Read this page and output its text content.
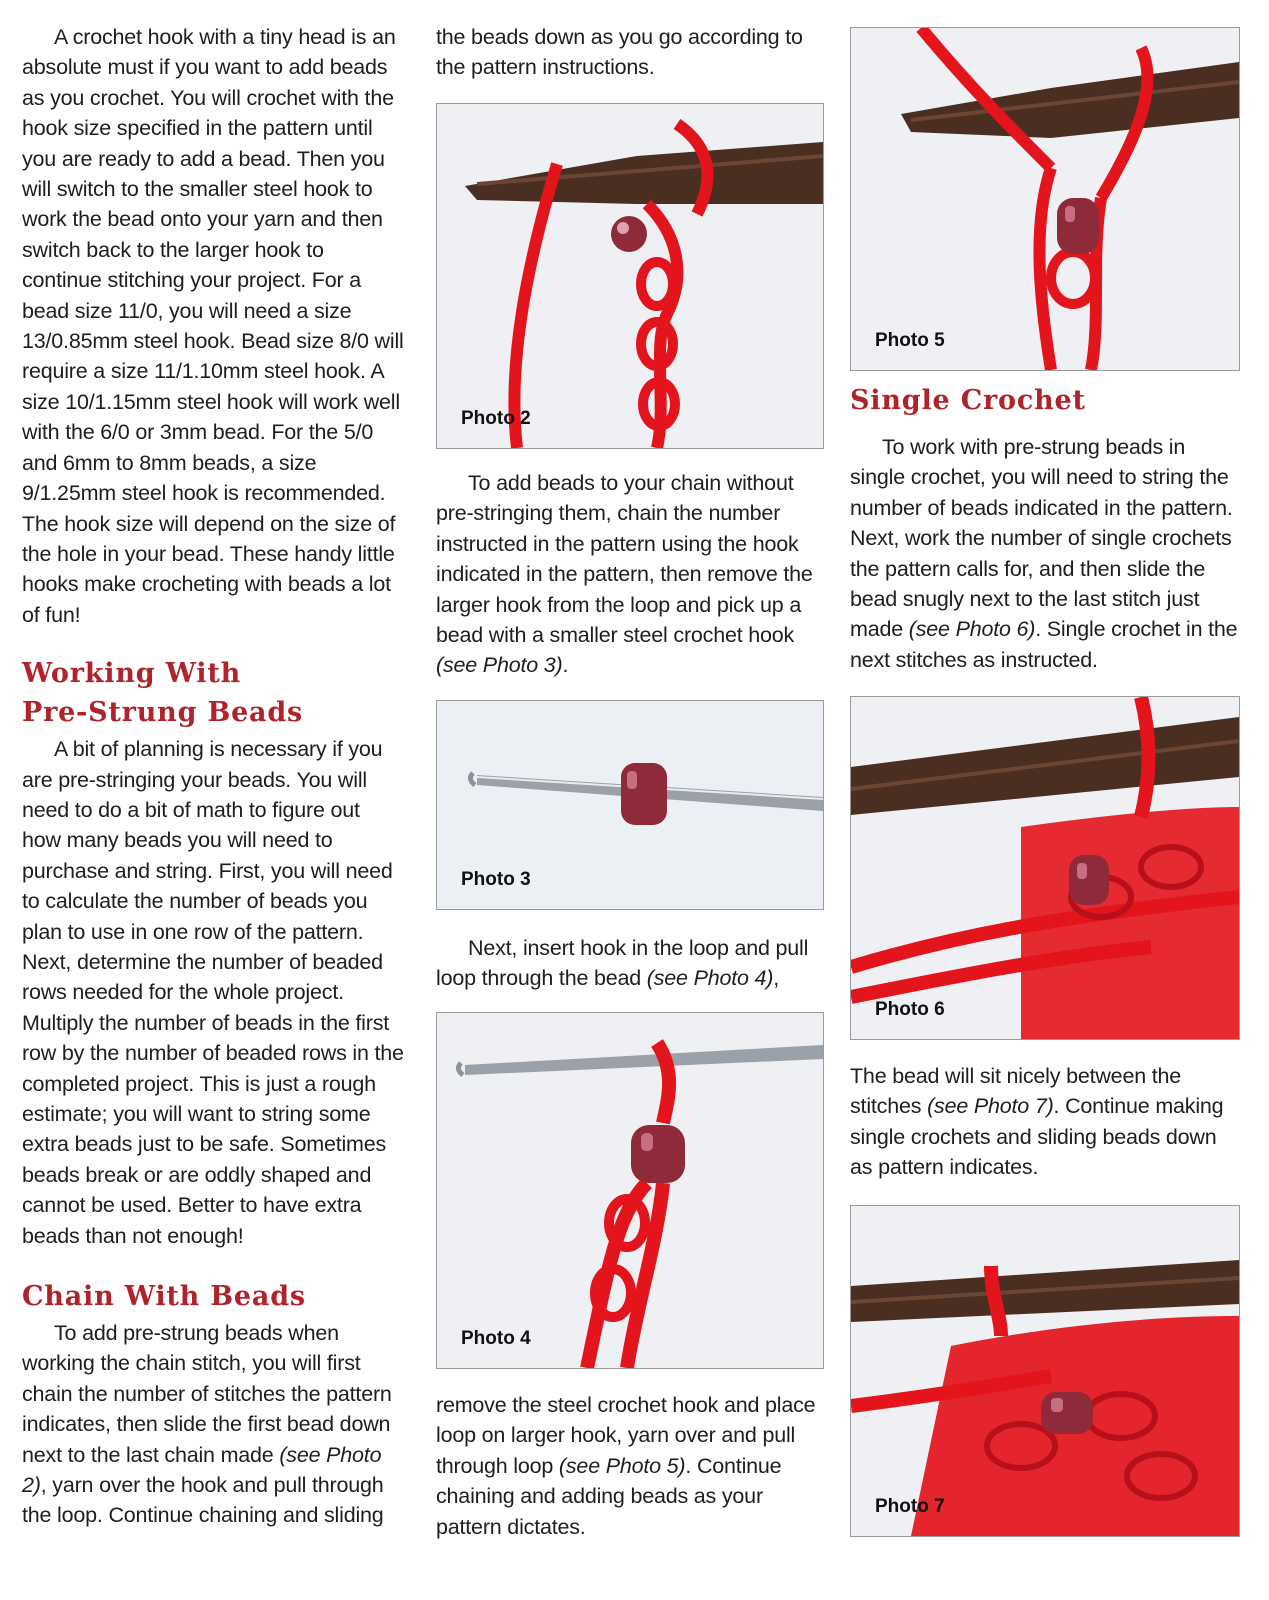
A crochet hook with a tiny head is an absolute must if you want to add beads as you crochet. You will crochet with the hook size specified in the pattern until you are ready to add a bead. Then you will switch to the smaller steel hook to work the bead onto your yarn and then switch back to the larger hook to continue stitching your project. For a bead size 11/0, you will need a size 13/0.85mm steel hook. Bead size 8/0 will require a size 11/1.10mm steel hook. A size 10/1.15mm steel hook will work well with the 6/0 or 3mm bead. For the 5/0 and 6mm to 8mm beads, a size 9/1.25mm steel hook is recommended. The hook size will depend on the size of the hole in your bead. These handy little hooks make crocheting with beads a lot of fun!

Working With
Pre-Strung Beads

A bit of planning is necessary if you are pre-stringing your beads. You will need to do a bit of math to figure out how many beads you will need to purchase and string. First, you will need to calculate the number of beads you plan to use in one row of the pattern. Next, determine the number of beaded rows needed for the whole project. Multiply the number of beads in the first row by the number of beaded rows in the completed project. This is just a rough estimate; you will want to string some extra beads just to be safe. Sometimes beads break or are oddly shaped and cannot be used. Better to have extra beads than not enough!

Chain With Beads

To add pre-strung beads when working the chain stitch, you will first chain the number of stitches the pattern indicates, then slide the first bead down next to the last chain made (see Photo 2), yarn over the hook and pull through the loop. Continue chaining and sliding

the beads down as you go according to the pattern instructions.

Photo 2

To add beads to your chain without pre-stringing them, chain the number instructed in the pattern using the hook indicated in the pattern, then remove the larger hook from the loop and pick up a bead with a smaller steel crochet hook (see Photo 3).

Photo 3

Next, insert hook in the loop and pull loop through the bead (see Photo 4),

Photo 4

remove the steel crochet hook and place loop on larger hook, yarn over and pull through loop (see Photo 5). Continue chaining and adding beads as your pattern dictates.

Photo 5
Single Crochet

To work with pre-strung beads in single crochet, you will need to string the number of beads indicated in the pattern. Next, work the number of single crochets the pattern calls for, and then slide the bead snugly next to the last stitch just made (see Photo 6). Single crochet in the next stitches as instructed.

Photo 6

The bead will sit nicely between the stitches (see Photo 7). Continue making single crochets and sliding beads down as pattern indicates.

Photo 7
